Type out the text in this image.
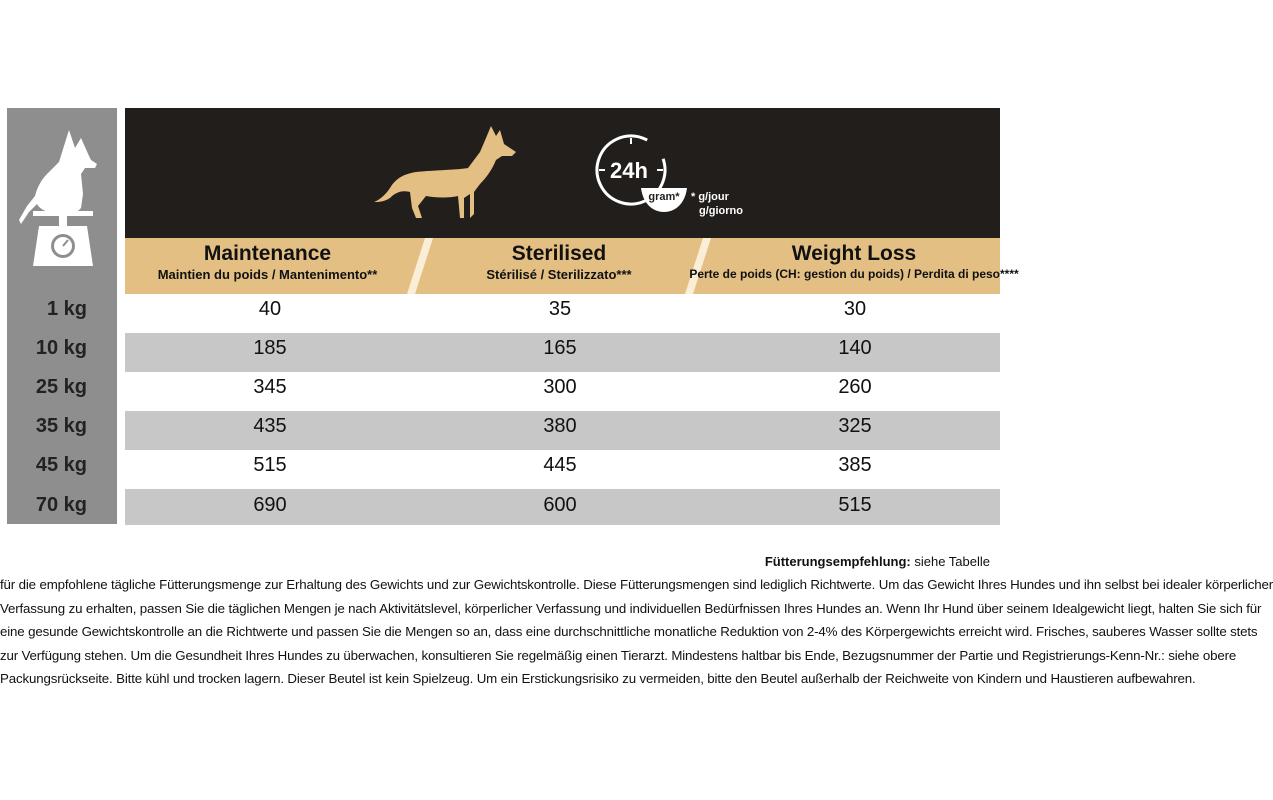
24h
gram* * g/jour
g/giorno
Maintenance
Maintien du poids / Mantenimento**
Sterilised
Stérilisé / Sterilizzato***
Weight Loss
Perte de poids (CH: gestion du poids) / Perdita di peso****
1 kg
10 kg
25 kg
35 kg
45 kg
70 kg
40
185
345
435
515
690
35
165
300
380
445
600
30
140
260
325
385
515
Fütterungsempfehlung: siehe Tabelle
für die empfohlene tägliche Fütterungsmenge zur Erhaltung des Gewichts und zur Gewichtskontrolle. Diese Fütterungsmengen sind lediglich Richtwerte. Um das Gewicht Ihres Hundes und ihn selbst bei idealer körperlicher
Verfassung zu erhalten, passen Sie die täglichen Mengen je nach Aktivitätslevel, körperlicher Verfassung und individuellen Bedürfnissen Ihres Hundes an. Wenn Ihr Hund über seinem Idealgewicht liegt, halten Sie sich für
eine gesunde Gewichtskontrolle an die Richtwerte und passen Sie die Mengen so an, dass eine durchschnittliche monatliche Reduktion von 2-4% des Körpergewichts erreicht wird. Frisches, sauberes Wasser sollte stets
zur Verfügung stehen. Um die Gesundheit Ihres Hundes zu überwachen, konsultieren Sie regelmäßig einen Tierarzt. Mindestens haltbar bis Ende, Bezugsnummer der Partie und Registrierungs-Kenn-Nr.: siehe obere
Packungsrückseite. Bitte kühl und trocken lagern. Dieser Beutel ist kein Spielzeug. Um ein Erstickungsrisiko zu vermeiden, bitte den Beutel außerhalb der Reichweite von Kindern und Haustieren aufbewahren.
